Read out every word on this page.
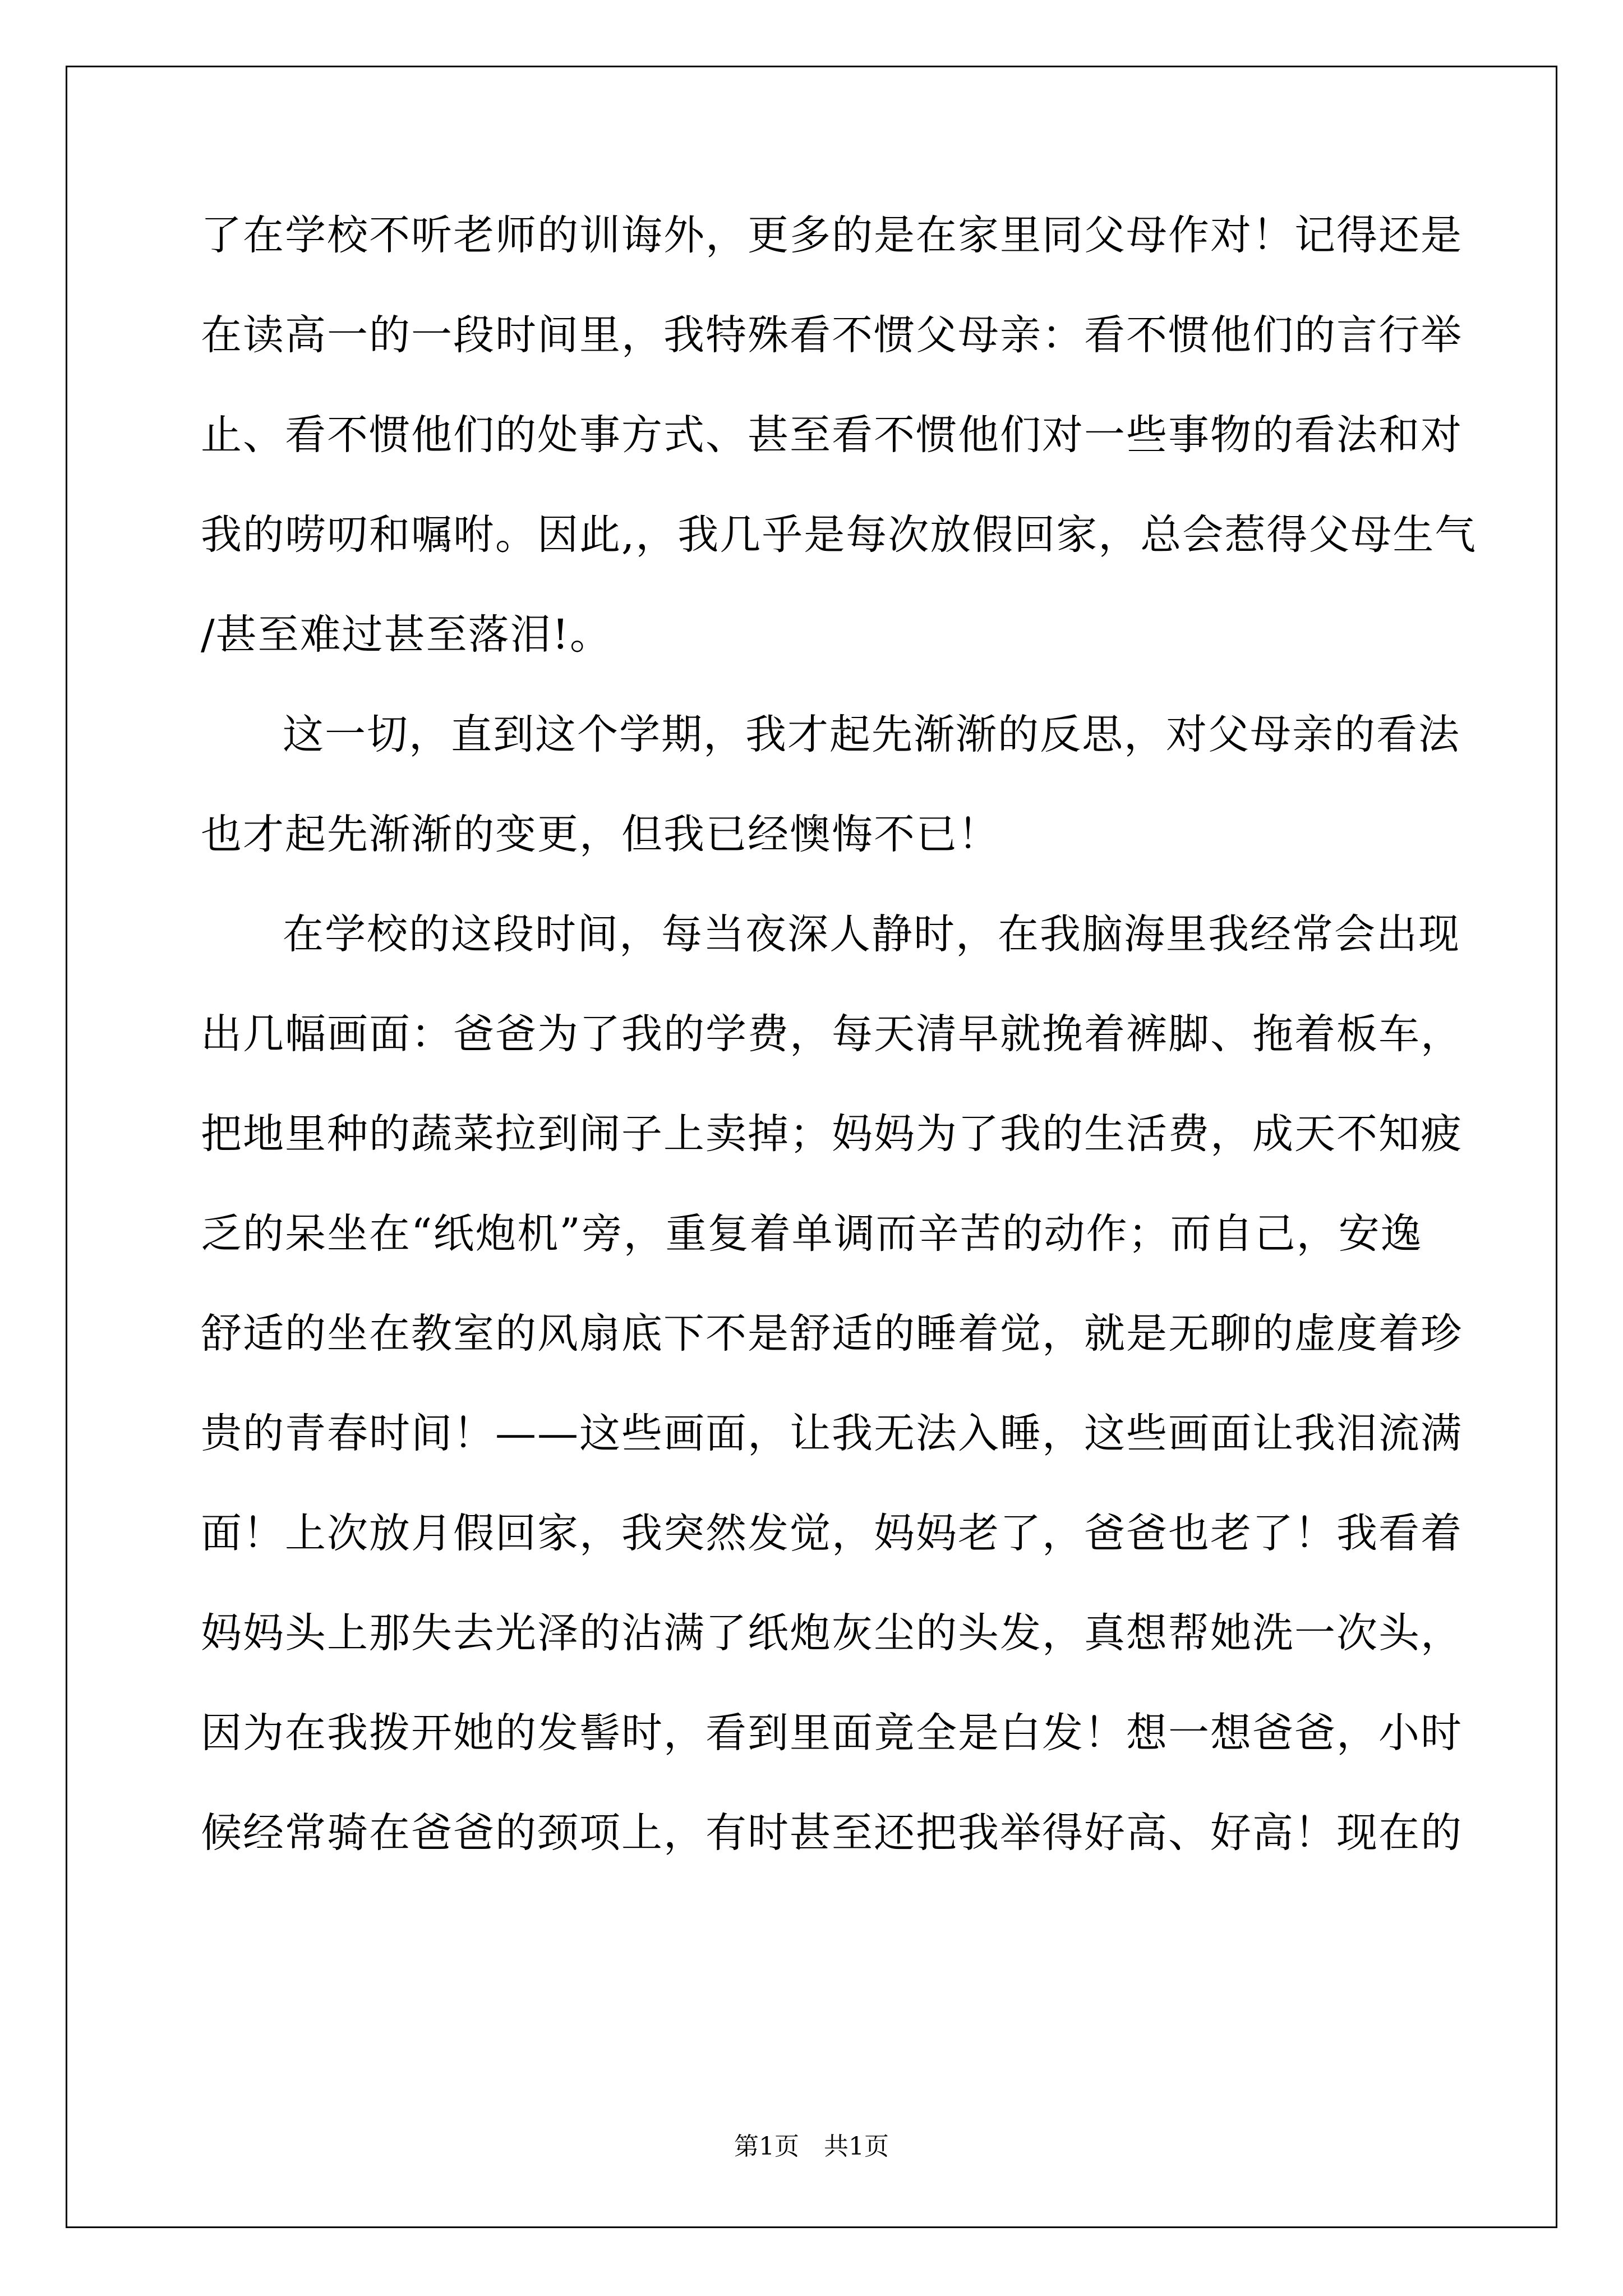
了在学校不听老师的训诲外，更多的是在家里同父母作对！记得还是
在读高一的一段时间里，我特殊看不惯父母亲：看不惯他们的言行举
止、看不惯他们的处事方式、甚至看不惯他们对一些事物的看法和对
我的唠叨和嘱咐。因此,，我几乎是每次放假回家，总会惹得父母生气
/甚至难过甚至落泪!。
这一切，直到这个学期，我才起先渐渐的反思，对父母亲的看法
也才起先渐渐的变更，但我已经懊悔不已！
在学校的这段时间，每当夜深人静时，在我脑海里我经常会出现
出几幅画面：爸爸为了我的学费，每天清早就挽着裤脚、拖着板车，
把地里种的蔬菜拉到闹子上卖掉；妈妈为了我的生活费，成天不知疲
乏的呆坐在“纸炮机”旁，重复着单调而辛苦的动作；而自己，安逸
舒适的坐在教室的风扇底下不是舒适的睡着觉，就是无聊的虚度着珍
贵的青春时间！——这些画面，让我无法入睡，这些画面让我泪流满
面！上次放月假回家，我突然发觉，妈妈老了，爸爸也老了！我看着
妈妈头上那失去光泽的沾满了纸炮灰尘的头发，真想帮她洗一次头，
因为在我拨开她的发髻时，看到里面竟全是白发！想一想爸爸，小时
候经常骑在爸爸的颈项上，有时甚至还把我举得好高、好高！现在的
第1页　共1页
